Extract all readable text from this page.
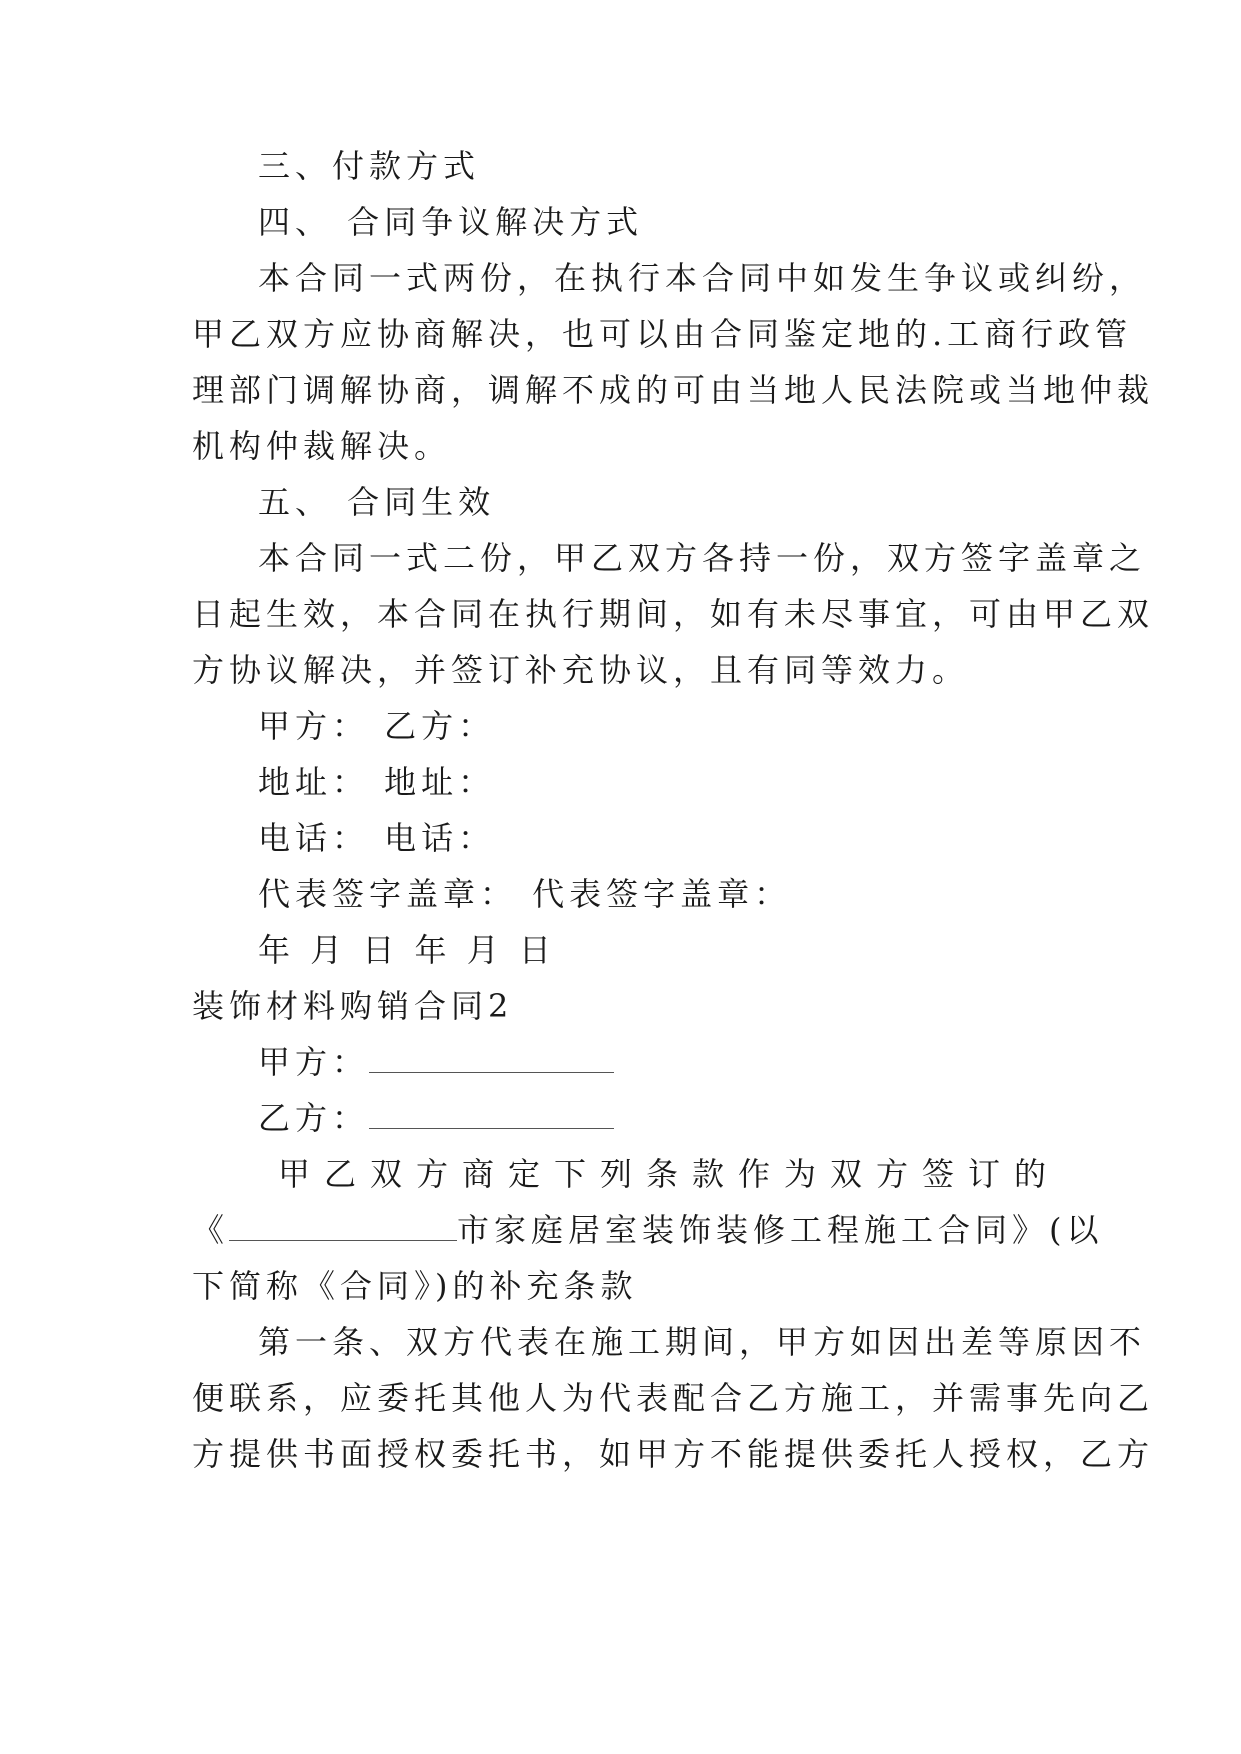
三、付款方式
四、 合同争议解决方式
本合同一式两份，在执行本合同中如发生争议或纠纷，
甲乙双方应协商解决，也可以由合同鉴定地的.工商行政管
理部门调解协商，调解不成的可由当地人民法院或当地仲裁
机构仲裁解决。
五、 合同生效
本合同一式二份，甲乙双方各持一份，双方签字盖章之
日起生效，本合同在执行期间，如有未尽事宜，可由甲乙双
方协议解决，并签订补充协议，且有同等效力。
甲方： 乙方：
地址： 地址：
电话： 电话：
代表签字盖章： 代表签字盖章：
年 月 日 年 月 日
装饰材料购销合同2
甲方：
乙方：
甲乙双方商定下列条款作为双方签订的
《	市家庭居室装饰装修工程施工合同》(以
下简称《合同》)的补充条款
第一条、双方代表在施工期间，甲方如因出差等原因不
便联系，应委托其他人为代表配合乙方施工，并需事先向乙
方提供书面授权委托书，如甲方不能提供委托人授权，乙方
